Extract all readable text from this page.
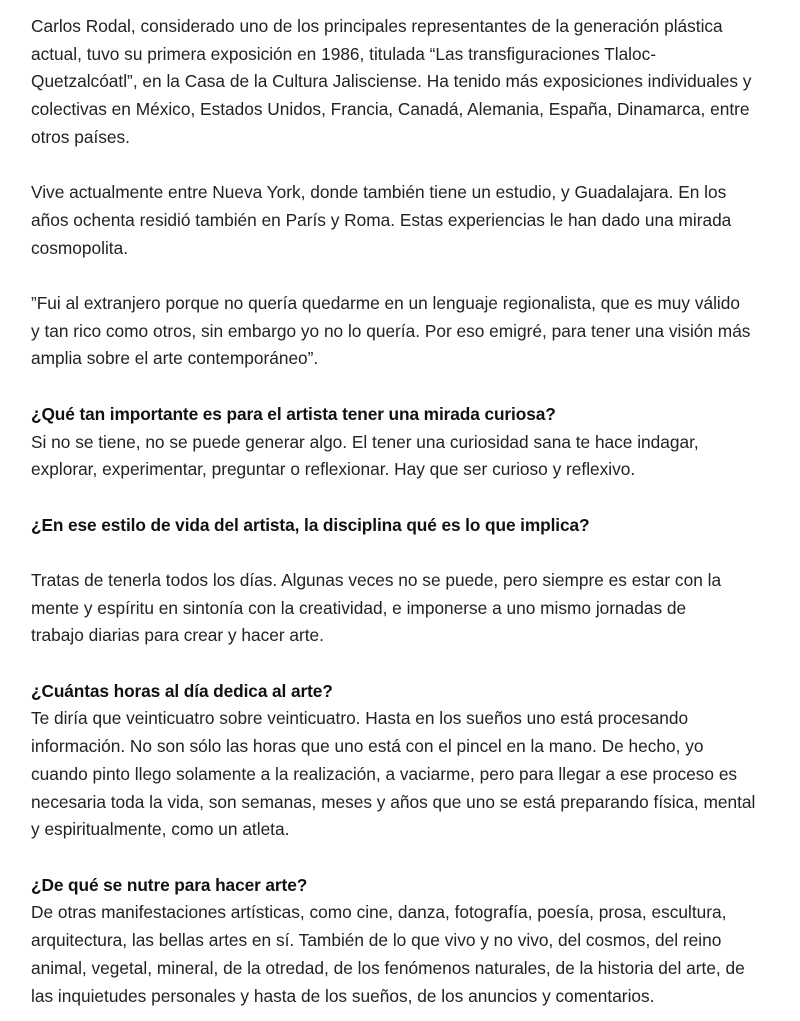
Carlos Rodal, considerado uno de los principales representantes de la generación plástica
actual, tuvo su primera exposición en 1986, titulada “Las transfiguraciones Tlaloc-
Quetzalcóatl”, en la Casa de la Cultura Jalisciense. Ha tenido más exposiciones individuales y
colectivas en México, Estados Unidos, Francia, Canadá, Alemania, España, Dinamarca, entre
otros países.
Vive actualmente entre Nueva York, donde también tiene un estudio, y Guadalajara. En los
años ochenta residió también en París y Roma. Estas experiencias le han dado una mirada
cosmopolita.
”Fui al extranjero porque no quería quedarme en un lenguaje regionalista, que es muy válido
y tan rico como otros, sin embargo yo no lo quería. Por eso emigré, para tener una visión más
amplia sobre el arte contemporáneo”.
¿Qué tan importante es para el artista tener una mirada curiosa?
Si no se tiene, no se puede generar algo. El tener una curiosidad sana te hace indagar,
explorar, experimentar, preguntar o reflexionar. Hay que ser curioso y reflexivo.
¿En ese estilo de vida del artista, la disciplina qué es lo que implica?
Tratas de tenerla todos los días. Algunas veces no se puede, pero siempre es estar con la
mente y espíritu en sintonía con la creatividad, e imponerse a uno mismo jornadas de
trabajo diarias para crear y hacer arte.
¿Cuántas horas al día dedica al arte?
Te diría que veinticuatro sobre veinticuatro. Hasta en los sueños uno está procesando
información. No son sólo las horas que uno está con el pincel en la mano. De hecho, yo
cuando pinto llego solamente a la realización, a vaciarme, pero para llegar a ese proceso es
necesaria toda la vida, son semanas, meses y años que uno se está preparando física, mental
y espiritualmente, como un atleta.
¿De qué se nutre para hacer arte?
De otras manifestaciones artísticas, como cine, danza, fotografía, poesía, prosa, escultura,
arquitectura, las bellas artes en sí. También de lo que vivo y no vivo, del cosmos, del reino
animal, vegetal, mineral, de la otredad, de los fenómenos naturales, de la historia del arte, de
las inquietudes personales y hasta de los sueños, de los anuncios y comentarios.
